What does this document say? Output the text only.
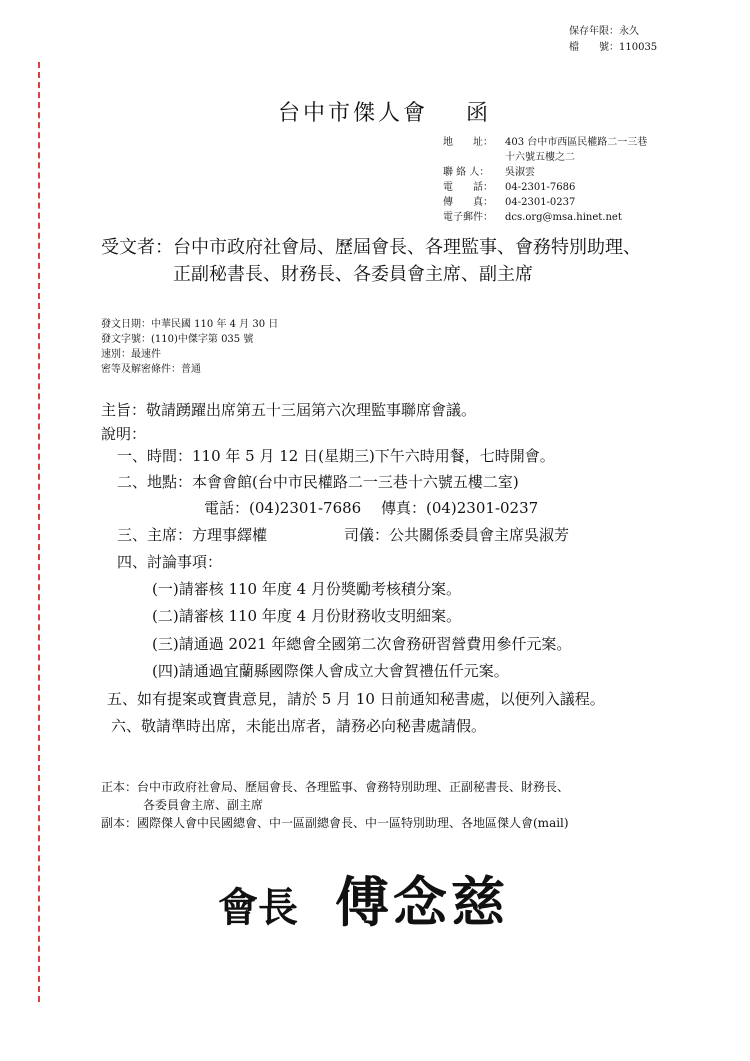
保存年限：永久
檔　　號：110035
台中市傑人會 函
地　　址： 403 台中市西區民權路二一三巷
十六號五樓之二
聯 絡 人： 吳淑雲
電　　話： 04-2301-7686
傳　　真： 04-2301-0237
電子郵件： dcs.org@msa.hinet.net
受文者：台中市政府社會局、歷屆會長、各理監事、會務特別助理、
正副秘書長、財務長、各委員會主席、副主席
發文日期：中華民國 110 年 4 月 30 日
發文字號：(110)中傑字第 035 號
速別：最速件
密等及解密條件：普通
主旨：敬請踴躍出席第五十三屆第六次理監事聯席會議。
說明：
一、時間：110 年 5 月 12 日(星期三)下午六時用餐，七時開會。
二、地點：本會會館(台中市民權路二一三巷十六號五樓二室)
電話：(04)2301-7686　 傳真：(04)2301-0237
三、主席：方理事繹權	司儀：公共關係委員會主席吳淑芳
四、討論事項：
(一)請審核 110 年度 4 月份獎勵考核積分案。
(二)請審核 110 年度 4 月份財務收支明細案。
(三)請通過 2021 年總會全國第二次會務研習營費用參仟元案。
(四)請通過宜蘭縣國際傑人會成立大會賀禮伍仟元案。
五、如有提案或寶貴意見，請於 5 月 10 日前通知秘書處，以便列入議程。
六、敬請準時出席，未能出席者，請務必向秘書處請假。
正本：台中市政府社會局、歷屆會長、各理監事、會務特別助理、正副秘書長、財務長、
各委員會主席、副主席
副本：國際傑人會中民國總會、中一區副總會長、中一區特別助理、各地區傑人會(mail)
會長 傅念慈
